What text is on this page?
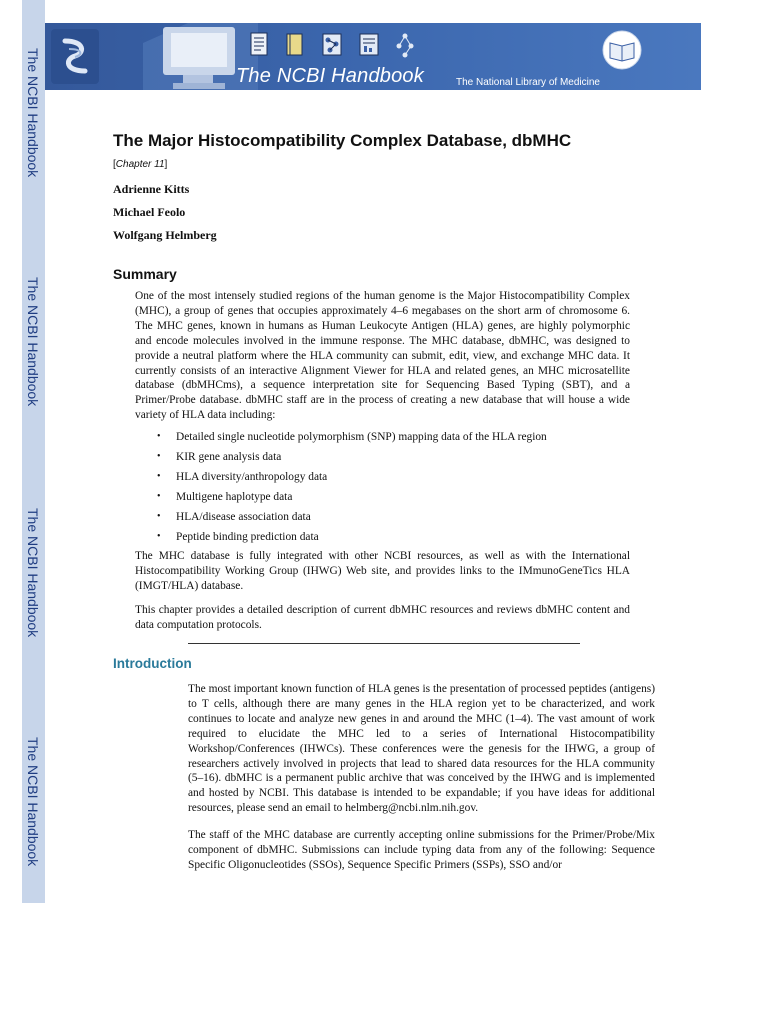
The NCBI Handbook
The NCBI Handbook
The NCBI Handbook
The NCBI Handbook
The NCBI Handbook	The National Library of Medicine
The Major Histocompatibility Complex Database, dbMHC
[Chapter 11]
Adrienne Kitts
Michael Feolo
Wolfgang Helmberg
Summary
One of the most intensely studied regions of the human genome is the Major Histocompatibility Complex (MHC), a group of genes that occupies approximately 4–6 megabases on the short arm of chromosome 6. The MHC genes, known in humans as Human Leukocyte Antigen (HLA) genes, are highly polymorphic and encode molecules involved in the immune response. The MHC database, dbMHC, was designed to provide a neutral platform where the HLA community can submit, edit, view, and exchange MHC data. It currently consists of an interactive Alignment Viewer for HLA and related genes, an MHC microsatellite database (dbMHCms), a sequence interpretation site for Sequencing Based Typing (SBT), and a Primer/Probe database. dbMHC staff are in the process of creating a new database that will house a wide variety of HLA data including:
• Detailed single nucleotide polymorphism (SNP) mapping data of the HLA region
• KIR gene analysis data
• HLA diversity/anthropology data
• Multigene haplotype data
• HLA/disease association data
• Peptide binding prediction data
The MHC database is fully integrated with other NCBI resources, as well as with the International Histocompatibility Working Group (IHWG) Web site, and provides links to the IMmunoGeneTics HLA (IMGT/HLA) database.
This chapter provides a detailed description of current dbMHC resources and reviews dbMHC content and data computation protocols.
Introduction
The most important known function of HLA genes is the presentation of processed peptides (antigens) to T cells, although there are many genes in the HLA region yet to be characterized, and work continues to locate and analyze new genes in and around the MHC (1–4). The vast amount of work required to elucidate the MHC led to a series of International Histocompatibility Workshop/Conferences (IHWCs). These conferences were the genesis for the IHWG, a group of researchers actively involved in projects that lead to shared data resources for the HLA community (5–16). dbMHC is a permanent public archive that was conceived by the IHWG and is implemented and hosted by NCBI. This database is intended to be expandable; if you have ideas for additional resources, please send an email to helmberg@ncbi.nlm.nih.gov.
The staff of the MHC database are currently accepting online submissions for the Primer/Probe/Mix component of dbMHC. Submissions can include typing data from any of the following: Sequence Specific Oligonucleotides (SSOs), Sequence Specific Primers (SSPs), SSO and/or
